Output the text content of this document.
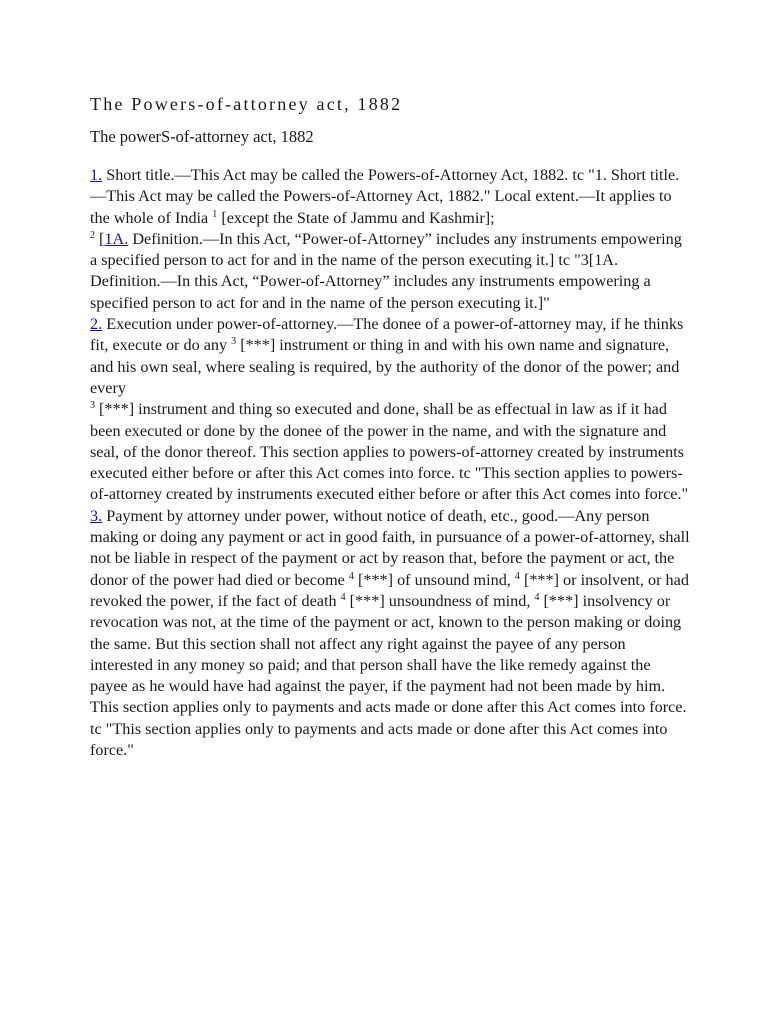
The Powers-of-attorney act, 1882
The powerS-of-attorney act, 1882

1. Short title.—This Act may be called the Powers-of-Attorney Act, 1882. tc "1. Short title.—This Act may be called the Powers-of-Attorney Act, 1882." Local extent.—It applies to the whole of India $^1$ [except the State of Jammu and Kashmir];
$^2$ [1A. Definition.—In this Act, “Power-of-Attorney” includes any instruments empowering a specified person to act for and in the name of the person executing it.] tc "3[1A. Definition.—In this Act, “Power-of-Attorney” includes any instruments empowering a specified person to act for and in the name of the person executing it.]"
2. Execution under power-of-attorney.—The donee of a power-of-attorney may, if he thinks fit, execute or do any $^3$ [***] instrument or thing in and with his own name and signature, and his own seal, where sealing is required, by the authority of the donor of the power; and every
$^3$ [***] instrument and thing so executed and done, shall be as effectual in law as if it had been executed or done by the donee of the power in the name, and with the signature and seal, of the donor thereof. This section applies to powers-of-attorney created by instruments executed either before or after this Act comes into force. tc "This section applies to powers-of-attorney created by instruments executed either before or after this Act comes into force."
3. Payment by attorney under power, without notice of death, etc., good.—Any person making or doing any payment or act in good faith, in pursuance of a power-of-attorney, shall not be liable in respect of the payment or act by reason that, before the payment or act, the donor of the power had died or become $^4$ [***] of unsound mind, $^4$ [***] or insolvent, or had revoked the power, if the fact of death $^4$ [***] unsoundness of mind, $^4$ [***] insolvency or revocation was not, at the time of the payment or act, known to the person making or doing the same. But this section shall not affect any right against the payee of any person interested in any money so paid; and that person shall have the like remedy against the payee as he would have had against the payer, if the payment had not been made by him. This section applies only to payments and acts made or done after this Act comes into force. tc "This section applies only to payments and acts made or done after this Act comes into force."
